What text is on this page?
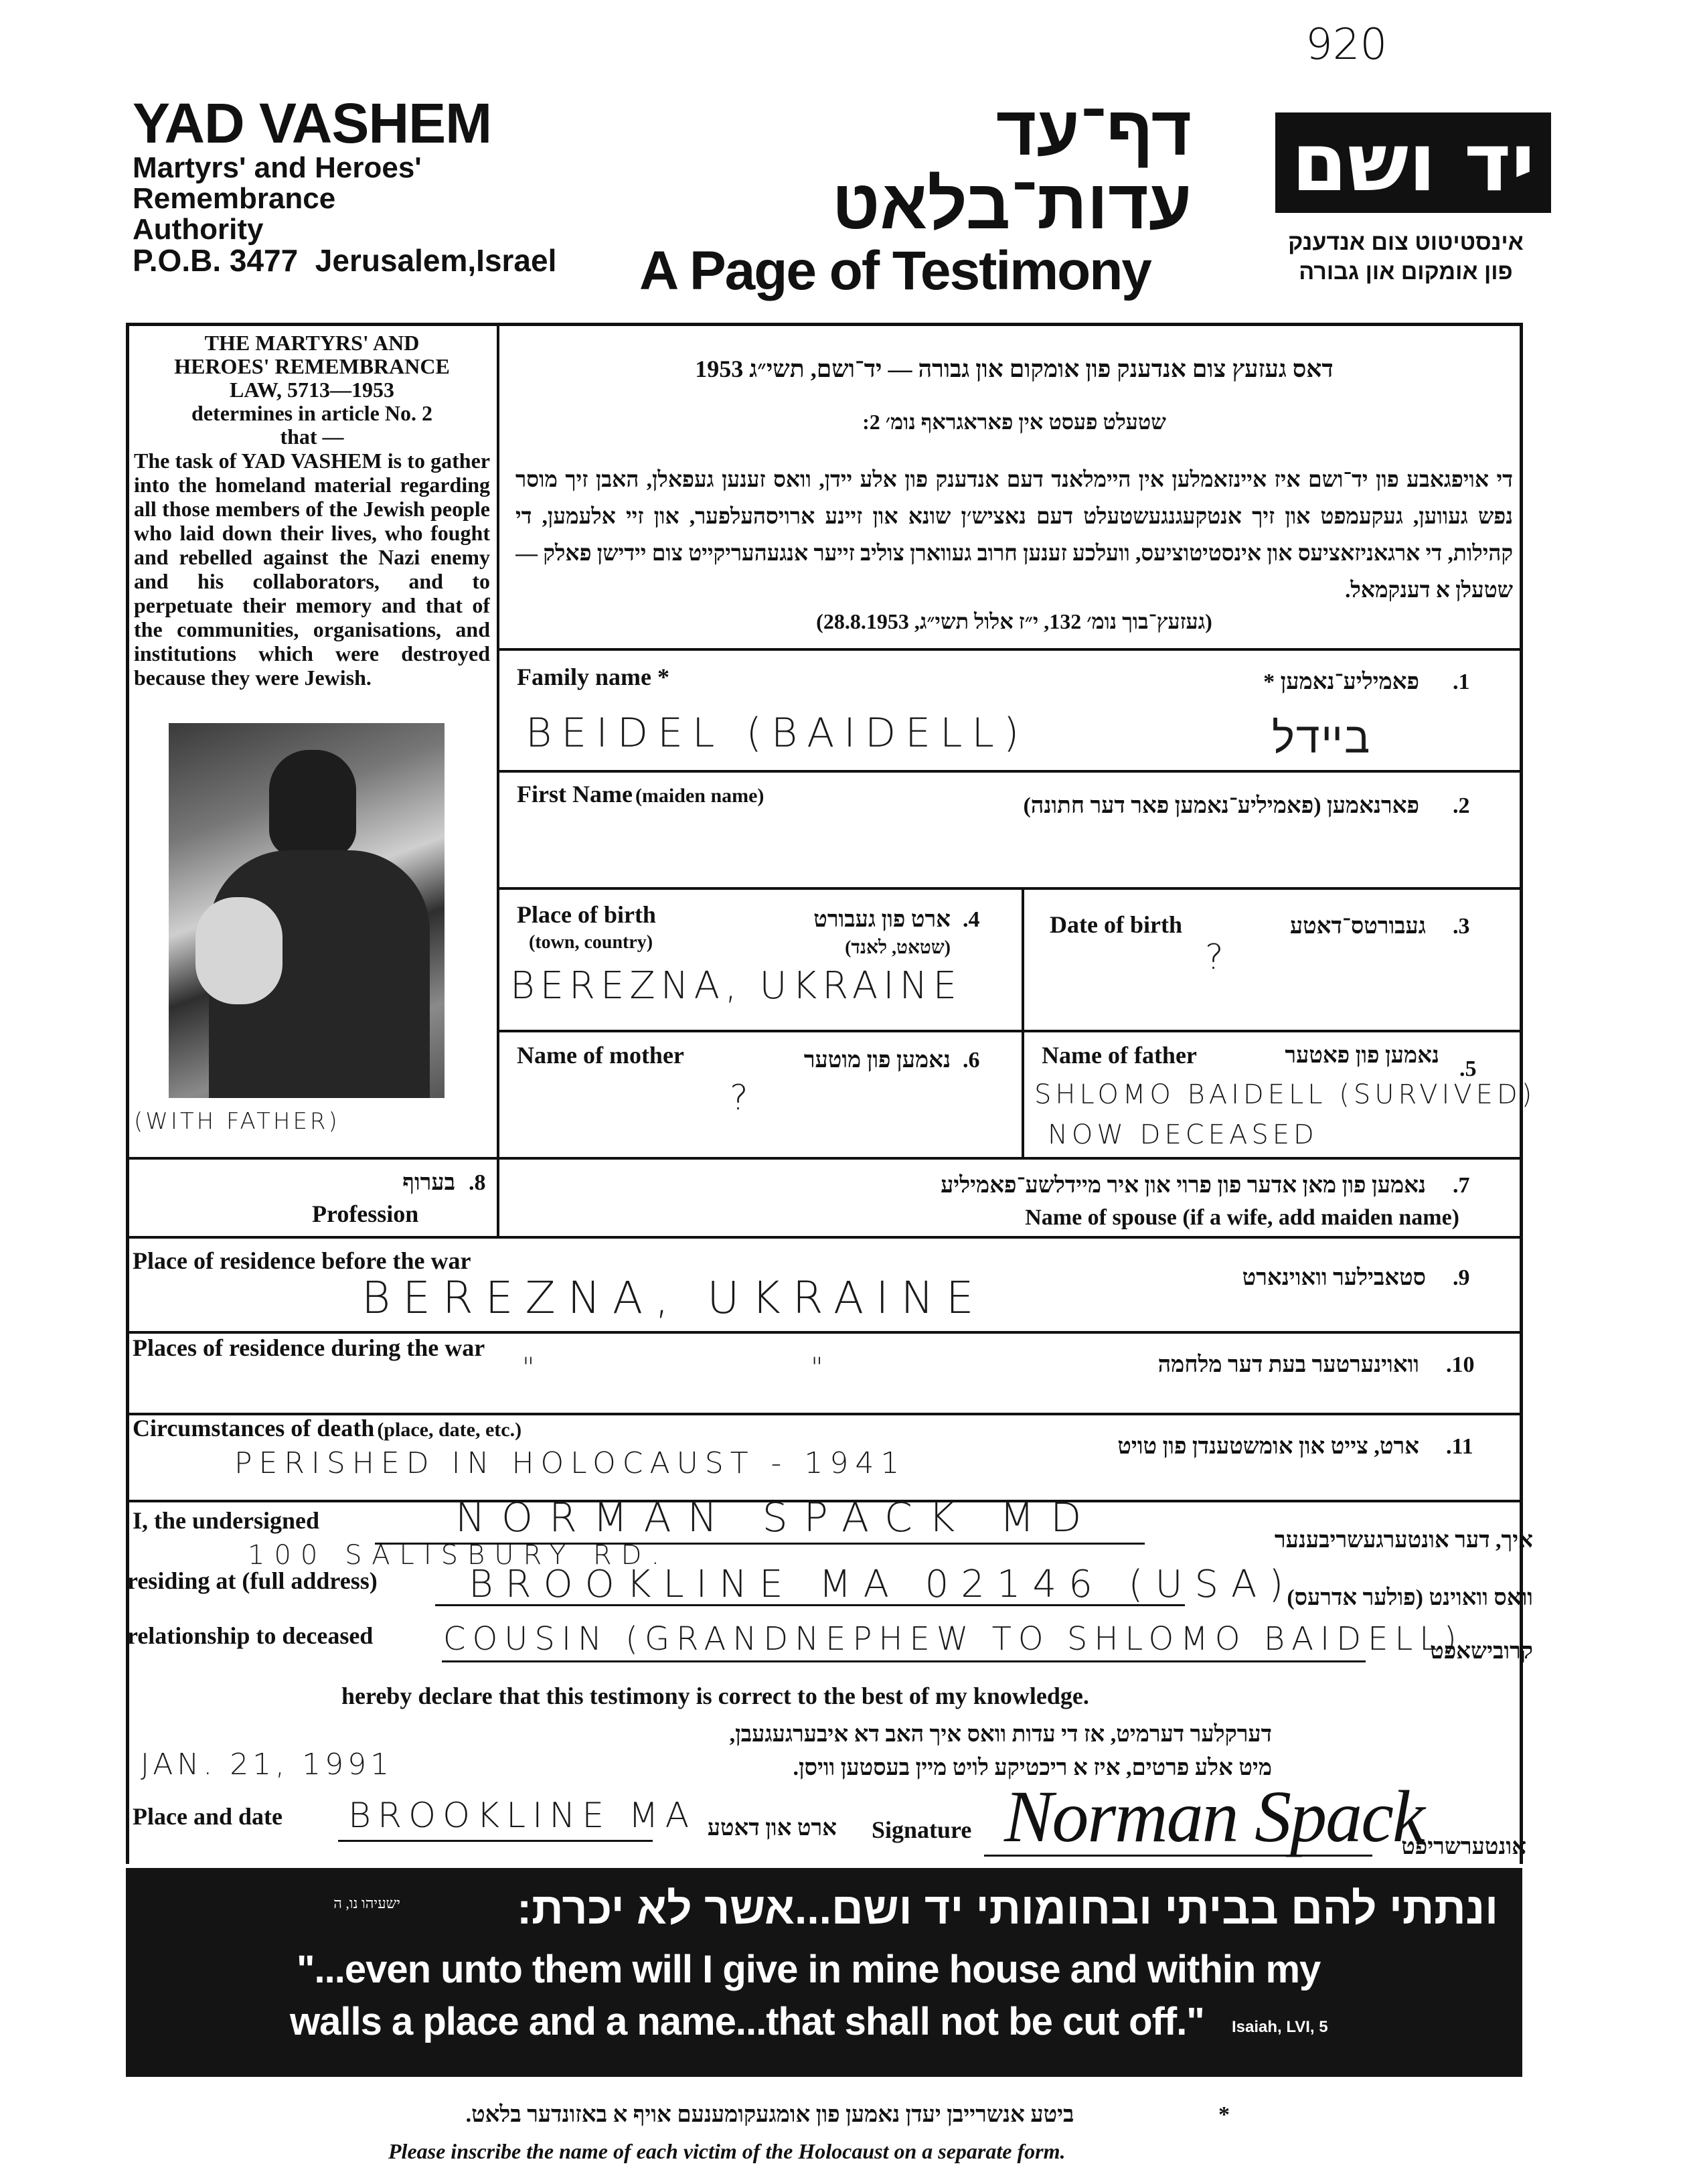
920
YAD VASHEM
Martyrs' and Heroes'
Remembrance
Authority
P.O.B. 3477 Jerusalem,Israel
דף־עד
עדות־בלאט
A Page of Testimony
יד ושם
אינסטיטוט צום אנדענק
פון אומקום און גבורה
THE MARTYRS' AND
HEROES' REMEMBRANCE
LAW, 5713—1953
determines in article No. 2
that —
The task of YAD VASHEM is to gather into the homeland material regarding all those members of the Jewish people who laid down their lives, who fought and rebelled against the Nazi enemy and his collaborators, and to perpetuate their memory and that of the communities, organisations, and institutions which were destroyed because they were Jewish.
(WITH FATHER)
דאס געזעץ צום אנדענק פון אומקום און גבורה — יד־ושם, תשי״ג 1953
שטעלט פעסט אין פאראגראף נומ׳ 2:
די אויפגאבע פון יד־ושם איז איינזאמלען אין היימלאנד דעם אנדענק פון אלע יידן, וואס זענען געפאלן, האבן זיך מוסר נפש געווען, געקעמפט און זיך אנטקעגנגעשטעלט דעם נאציש׳ן שונא און זיינע ארויסהעלפער, און זיי אלעמען, די קהילות, די ארגאניזאציעס און אינסטיטוציעס, וועלכע זענען חרוב געווארן צוליב זייער אנגעהעריקייט צום יידישן פאלק — שטעלן א דענקמאל.
(געזעץ־בוך נומ׳ 132, י״ז אלול תשי״ג, 28.8.1953)
Family name *	פאמיליע־נאמען * .1
BEIDEL (BAIDELL)	בײדל
First Name (maiden name)	פארנאמען (פאמיליע־נאמען פאר דער חתונה) .2
Place of birth
(town, country)
ארט פון געבורט
(שטאט, לאנד)
.4
BEREZNA, UKRAINE
Date of birth	געבורטס־דאטע .3
?
Name of mother	נאמען פון מוטער .6
?
Name of father	נאמען פון פאטער
.5
SHLOMO BAIDELL (SURVIVED)
NOW DECEASED
בערוף .8
Profession
נאמען פון מאן אדער פון פרוי און איר מיידלשע־פאמיליע .7
Name of spouse (if a wife, add maiden name)
Place of residence before the war
סטאבילער וואוינארט .9
BEREZNA, UKRAINE
Places of residence during the war
וואוינערטער בעת דער מלחמה .10
" "
Circumstances of death (place, date, etc.)
ארט, צייט און אומשטענדן פון טויט .11
PERISHED IN HOLOCAUST - 1941
I, the undersigned	NORMAN SPACK MD	איך, דער אונטערגעשריבענער
100 SALISBURY RD.
residing at (full address) BROOKLINE MA 02146 (USA)
וואס וואוינט (פולער אדרעס)
relationship to deceased COUSIN (GRANDNEPHEW TO SHLOMO BAIDELL)
קרובישאפט
hereby declare that this testimony is correct to the best of my knowledge.
דערקלער דערמיט, אז די עדות וואס איך האב דא איבערגעגעבן,
מיט אלע פרטים, איז א ריכטיקע לויט מיין בעסטען וויסן.
JAN. 21, 1991
Place and date BROOKLINE MA ארט און דאטע Signature Norman Spack
אונטערשריפט
ונתתי להם בביתי ובחומותי יד ושם...אשר לא יכרת:
ישעיהו נו, ה
"...even unto them will I give in mine house and within my
walls a place and a name...that shall not be cut off." Isaiah, LVI, 5
ביטע אנשרייבן יעדן נאמען פון אומגעקומענעם אויף א באזונדער בלאט.	*
Please inscribe the name of each victim of the Holocaust on a separate form.
